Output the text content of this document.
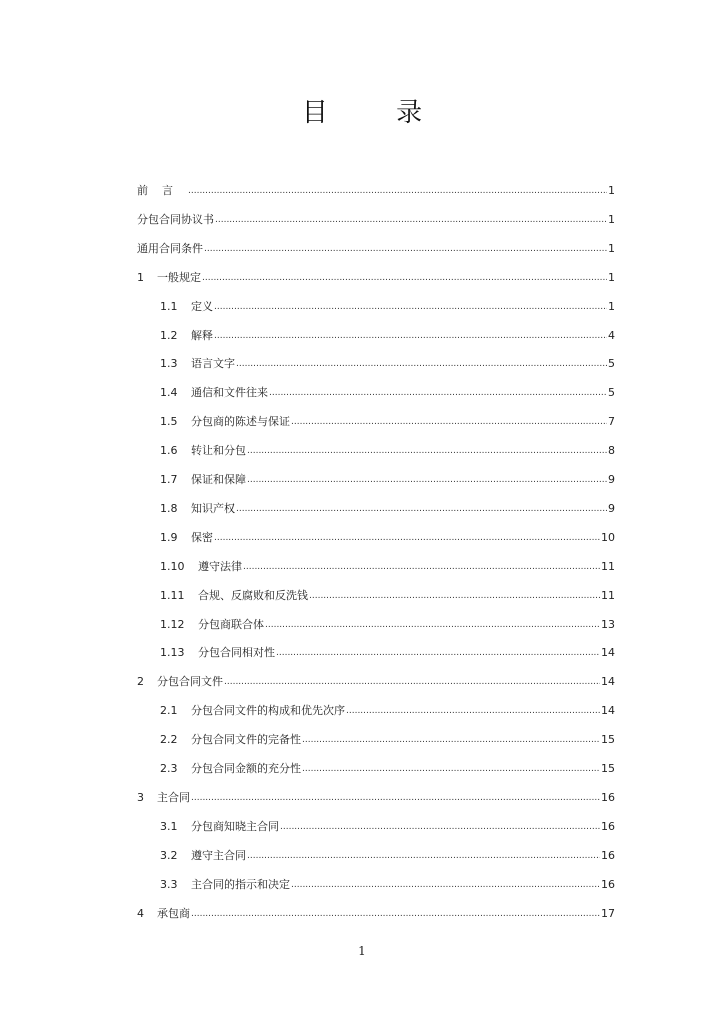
目 录
前言 .....	1
分包合同协议书 .....	1
通用合同条件 .....	1
1	一般规定 .....	1
1.1	定义 .....	1
1.2	解释 .....	4
1.3	语言文字 .....	5
1.4	通信和文件往来 .....	5
1.5	分包商的陈述与保证 .....	7
1.6	转让和分包 .....	8
1.7	保证和保障 .....	9
1.8	知识产权 .....	9
1.9	保密 .....	10
1.10	遵守法律 .....	11
1.11	合规、反腐败和反洗钱 .....	11
1.12	分包商联合体 .....	13
1.13	分包合同相对性 .....	14
2	分包合同文件 .....	14
2.1	分包合同文件的构成和优先次序 .....	14
2.2	分包合同文件的完备性 .....	15
2.3	分包合同金额的充分性 .....	15
3	主合同 .....	16
3.1	分包商知晓主合同 .....	16
3.2	遵守主合同 .....	16
3.3	主合同的指示和决定 .....	16
4	承包商 .....	17
1
